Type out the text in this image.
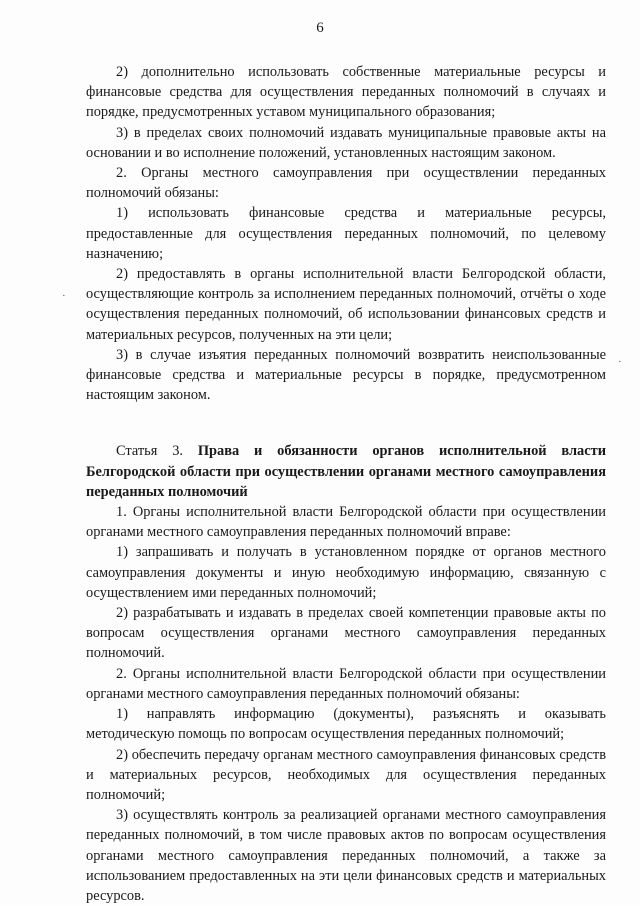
6

2) дополнительно использовать собственные материальные ресурсы и финансовые средства для осуществления переданных полномочий в случаях и порядке, предусмотренных уставом муниципального образования;

3) в пределах своих полномочий издавать муниципальные правовые акты на основании и во исполнение положений, установленных настоящим законом.

2. Органы местного самоуправления при осуществлении переданных полномочий обязаны:

1) использовать финансовые средства и материальные ресурсы, предоставленные для осуществления переданных полномочий, по целевому назначению;

2) предоставлять в органы исполнительной власти Белгородской области, осуществляющие контроль за исполнением переданных полномочий, отчёты о ходе осуществления переданных полномочий, об использовании финансовых средств и материальных ресурсов, полученных на эти цели;

3) в случае изъятия переданных полномочий возвратить неиспользованные финансовые средства и материальные ресурсы в порядке, предусмотренном настоящим законом.

Статья 3. Права и обязанности органов исполнительной власти Белгородской области при осуществлении органами местного самоуправления переданных полномочий

1. Органы исполнительной власти Белгородской области при осуществлении органами местного самоуправления переданных полномочий вправе:

1) запрашивать и получать в установленном порядке от органов местного самоуправления документы и иную необходимую информацию, связанную с осуществлением ими переданных полномочий;

2) разрабатывать и издавать в пределах своей компетенции правовые акты по вопросам осуществления органами местного самоуправления переданных полномочий.

2. Органы исполнительной власти Белгородской области при осуществлении органами местного самоуправления переданных полномочий обязаны:

1) направлять информацию (документы), разъяснять и оказывать методическую помощь по вопросам осуществления переданных полномочий;

2) обеспечить передачу органам местного самоуправления финансовых средств и материальных ресурсов, необходимых для осуществления переданных полномочий;

3) осуществлять контроль за реализацией органами местного самоуправления переданных полномочий, в том числе правовых актов по вопросам осуществления органами местного самоуправления переданных полномочий, а также за использованием предоставленных на эти цели финансовых средств и материальных ресурсов.

·
·
